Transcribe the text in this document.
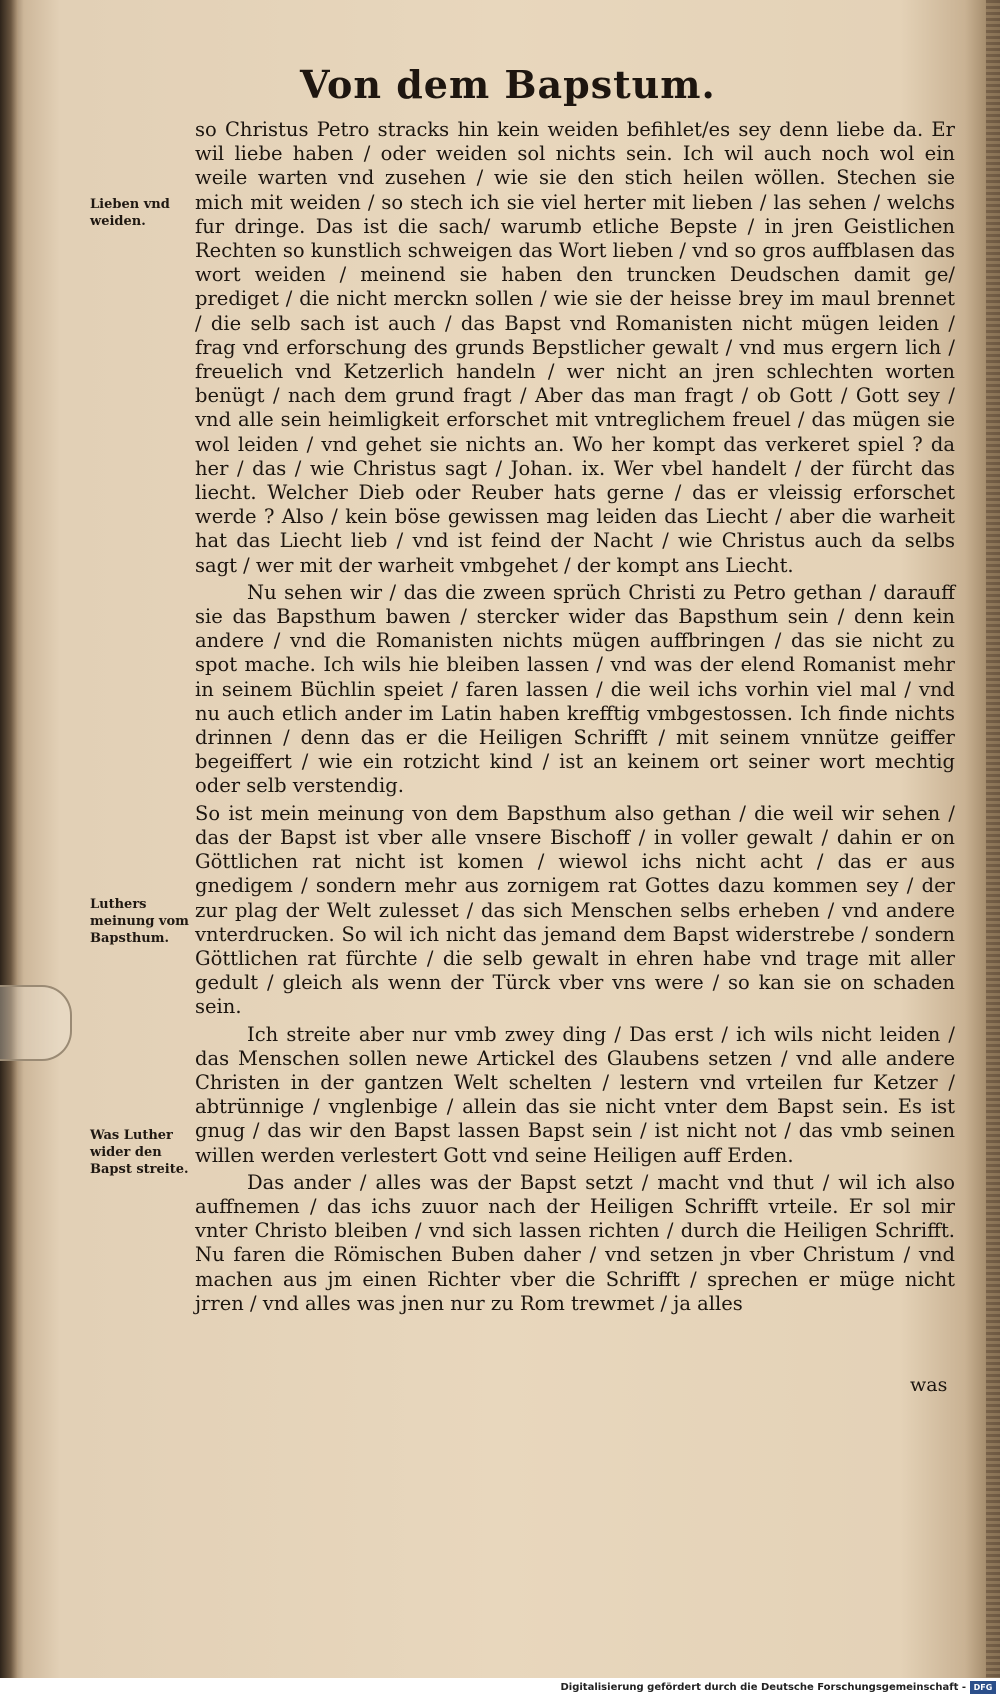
Von dem Bapstum.
Lieben vnd weiden.
Luthers meinung vom Bapsthum.
Was Luther wider den Bapst streite.

so Christus Petro stracks hin kein weiden befihlet/es sey denn liebe da. Er wil liebe haben / oder weiden sol nichts sein. Ich wil auch noch wol ein weile warten vnd zusehen / wie sie den stich heilen wöllen. Stechen sie mich mit weiden / so stech ich sie viel herter mit lieben / las sehen / welchs fur dringe. Das ist die sach/ warumb etliche Bepste / in jren Geistlichen Rechten so kunstlich schweigen das Wort lieben / vnd so gros auffblasen das wort weiden / meinend sie haben den truncken Deudschen damit ge/ prediget / die nicht merckn sollen / wie sie der heisse brey im maul brennet / die selb sach ist auch / das Bapst vnd Romanisten nicht mügen leiden / frag vnd erforschung des grunds Bepstlicher gewalt / vnd mus ergern lich / freuelich vnd Ketzerlich handeln / wer nicht an jren schlechten worten benügt / nach dem grund fragt / Aber das man fragt / ob Gott / Gott sey / vnd alle sein heimligkeit erforschet mit vntreglichem freuel / das mügen sie wol leiden / vnd gehet sie nichts an. Wo her kompt das verkeret spiel ? da her / das / wie Christus sagt / Johan. ix. Wer vbel handelt / der fürcht das liecht. Welcher Dieb oder Reuber hats gerne / das er vleissig erforschet werde ? Also / kein böse gewissen mag leiden das Liecht / aber die warheit hat das Liecht lieb / vnd ist feind der Nacht / wie Christus auch da selbs sagt / wer mit der warheit vmbgehet / der kompt ans Liecht.

Nu sehen wir / das die zween sprüch Christi zu Petro gethan / darauff sie das Bapsthum bawen / stercker wider das Bapsthum sein / denn kein andere / vnd die Romanisten nichts mügen auffbringen / das sie nicht zu spot mache. Ich wils hie bleiben lassen / vnd was der elend Romanist mehr in seinem Büchlin speiet / faren lassen / die weil ichs vorhin viel mal / vnd nu auch etlich ander im Latin haben krefftig vmbgestossen. Ich finde nichts drinnen / denn das er die Heiligen Schrifft / mit seinem vnnütze geiffer begeiffert / wie ein rotzicht kind / ist an keinem ort seiner wort mechtig oder selb verstendig.

So ist mein meinung von dem Bapsthum also gethan / die weil wir sehen / das der Bapst ist vber alle vnsere Bischoff / in voller gewalt / dahin er on Göttlichen rat nicht ist komen / wiewol ichs nicht acht / das er aus gnedigem / sondern mehr aus zornigem rat Gottes dazu kommen sey / der zur plag der Welt zulesset / das sich Menschen selbs erheben / vnd andere vnterdrucken. So wil ich nicht das jemand dem Bapst widerstrebe / sondern Göttlichen rat fürchte / die selb gewalt in ehren habe vnd trage mit aller gedult / gleich als wenn der Türck vber vns were / so kan sie on schaden sein.

Ich streite aber nur vmb zwey ding / Das erst / ich wils nicht leiden / das Menschen sollen newe Artickel des Glaubens setzen / vnd alle andere Christen in der gantzen Welt schelten / lestern vnd vrteilen fur Ketzer / abtrünnige / vnglenbige / allein das sie nicht vnter dem Bapst sein. Es ist gnug / das wir den Bapst lassen Bapst sein / ist nicht not / das vmb seinen willen werden verlestert Gott vnd seine Heiligen auff Erden.

Das ander / alles was der Bapst setzt / macht vnd thut / wil ich also auffnemen / das ichs zuuor nach der Heiligen Schrifft vrteile. Er sol mir vnter Christo bleiben / vnd sich lassen richten / durch die Heiligen Schrifft. Nu faren die Römischen Buben daher / vnd setzen jn vber Christum / vnd machen aus jm einen Richter vber die Schrifft / sprechen er müge nicht jrren / vnd alles was jnen nur zu Rom trewmet / ja alles

was
Digitalisierung gefördert durch die Deutsche Forschungsgemeinschaft - DFG
